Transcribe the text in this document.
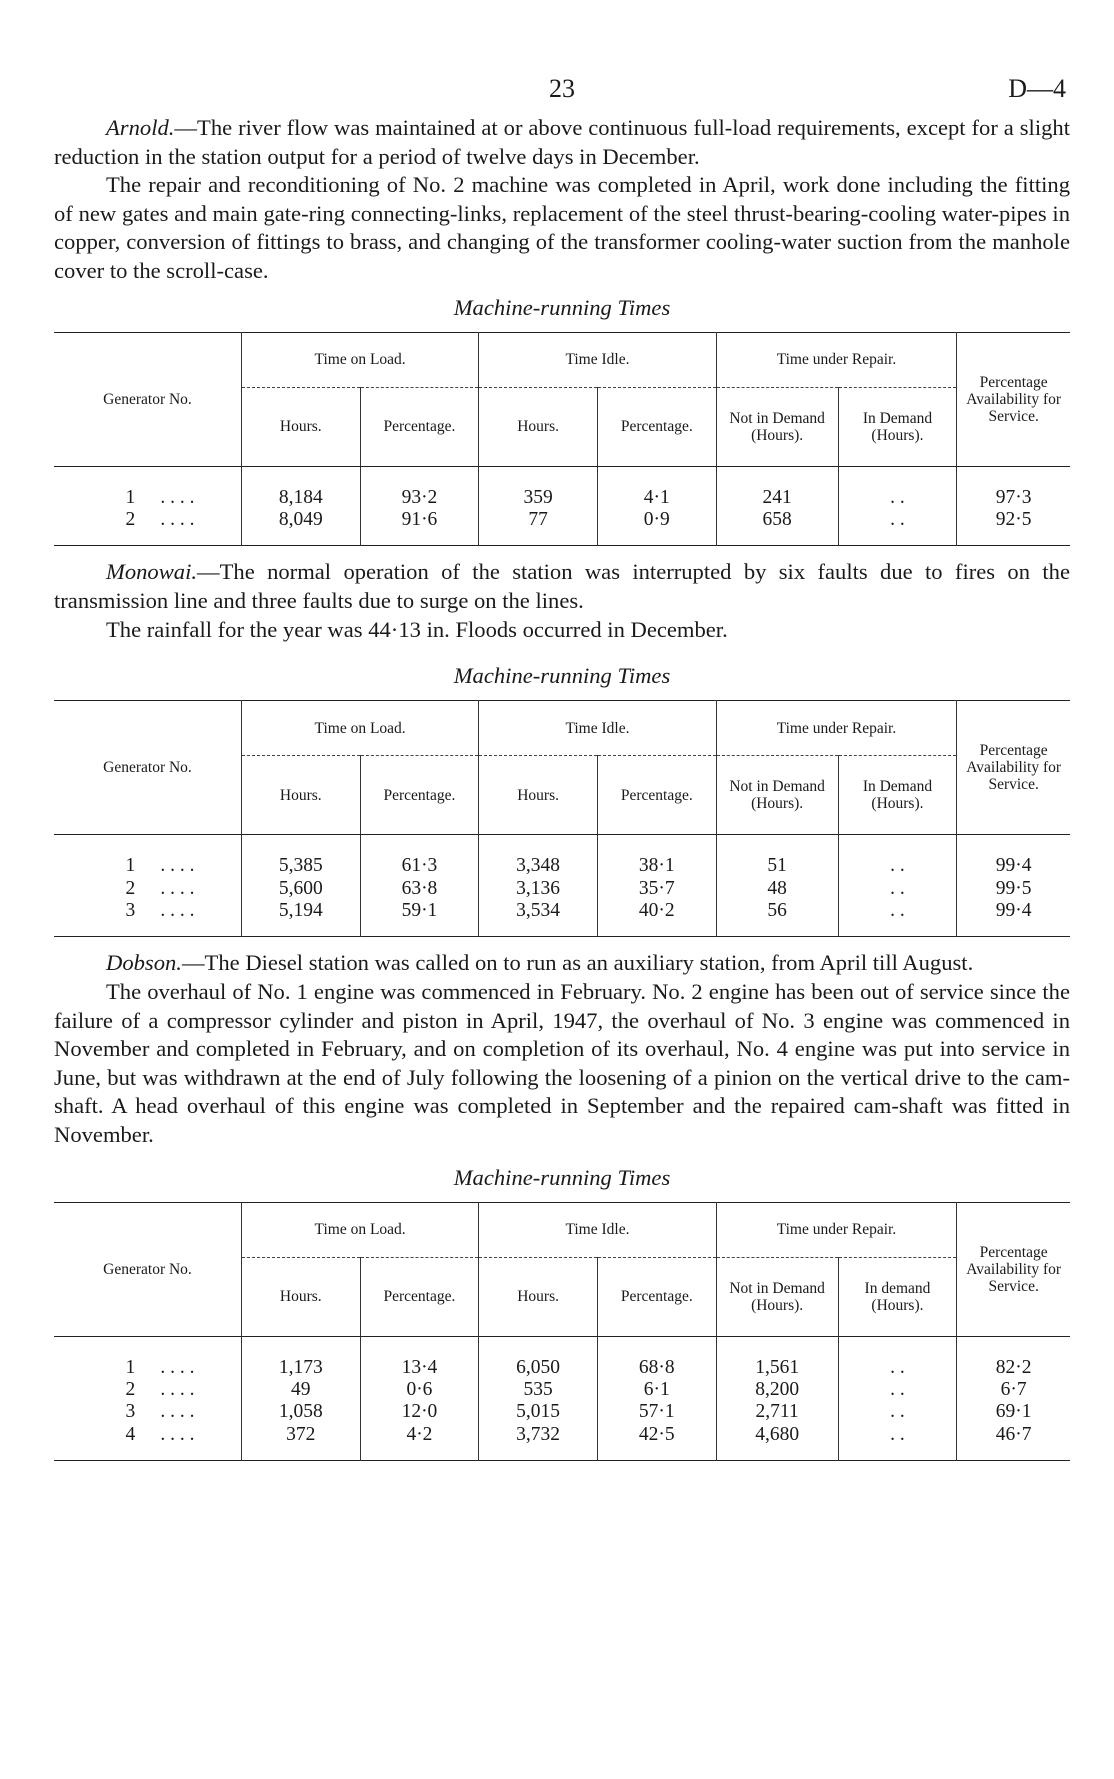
23	D—4

Arnold.—The river flow was maintained at or above continuous full-load requirements, except for a slight reduction in the station output for a period of twelve days in December.

The repair and reconditioning of No. 2 machine was completed in April, work done including the fitting of new gates and main gate-ring connecting-links, replacement of the steel thrust-bearing-cooling water-pipes in copper, conversion of fittings to brass, and changing of the transformer cooling-water suction from the manhole cover to the scroll-case.

Machine-running Times
Generator No.	Time on Load.		Time Idle.		Time under Repair.		Percentage Availability for Service.
	Hours.	Percentage.	Hours.	Percentage.	Not in Demand (Hours).	In Demand (Hours).	
1 . . . .	8,184	93·2	359	4·1	241	. .	97·3
2 . . . .	8,049	91·6	77	0·9	658	. .	92·5

Monowai.—The normal operation of the station was interrupted by six faults due to fires on the transmission line and three faults due to surge on the lines.

The rainfall for the year was 44·13 in. Floods occurred in December.

Machine-running Times
Generator No.	Time on Load.		Time Idle.		Time under Repair.		Percentage Availability for Service.
	Hours.	Percentage.	Hours.	Percentage.	Not in Demand (Hours).	In Demand (Hours).	
1 . . . .	5,385	61·3	3,348	38·1	51	. .	99·4
2 . . . .	5,600	63·8	3,136	35·7	48	. .	99·5
3 . . . .	5,194	59·1	3,534	40·2	56	. .	99·4

Dobson.—The Diesel station was called on to run as an auxiliary station, from April till August.

The overhaul of No. 1 engine was commenced in February. No. 2 engine has been out of service since the failure of a compressor cylinder and piston in April, 1947, the overhaul of No. 3 engine was commenced in November and completed in February, and on completion of its overhaul, No. 4 engine was put into service in June, but was withdrawn at the end of July following the loosening of a pinion on the vertical drive to the cam-shaft. A head overhaul of this engine was completed in September and the repaired cam-shaft was fitted in November.

Machine-running Times
Generator No.	Time on Load.		Time Idle.		Time under Repair.		Percentage Availability for Service.
	Hours.	Percentage.	Hours.	Percentage.	Not in Demand (Hours).	In demand (Hours).	
1 . . . .	1,173	13·4	6,050	68·8	1,561	. .	82·2
2 . . . .	49	0·6	535	6·1	8,200	. .	6·7
3 . . . .	1,058	12·0	5,015	57·1	2,711	. .	69·1
4 . . . .	372	4·2	3,732	42·5	4,680	. .	46·7
